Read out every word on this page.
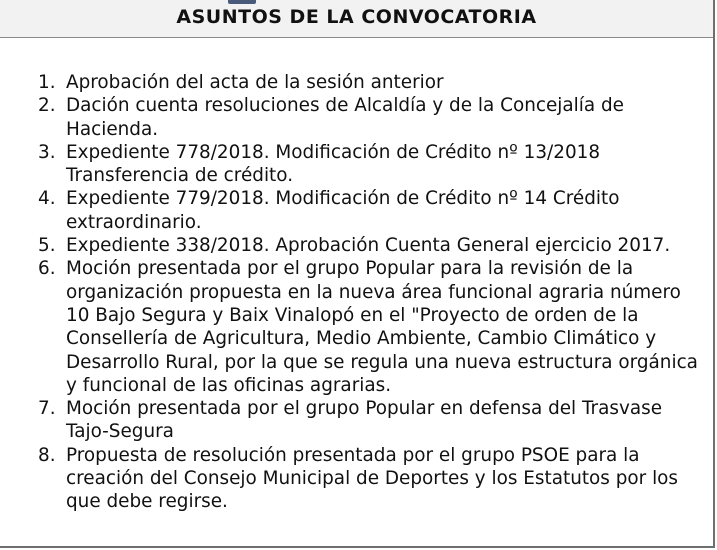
ASUNTOS DE LA CONVOCATORIA
1. Aprobación del acta de la sesión anterior
2. Dación cuenta resoluciones de Alcaldía y de la Concejalía de Hacienda.
3. Expediente 778/2018. Modificación de Crédito nº 13/2018 Transferencia de crédito.
4. Expediente 779/2018. Modificación de Crédito nº 14 Crédito extraordinario.
5. Expediente 338/2018. Aprobación Cuenta General ejercicio 2017.
6. Moción presentada por el grupo Popular para la revisión de la organización propuesta en la nueva área funcional agraria número 10 Bajo Segura y Baix Vinalopó en el "Proyecto de orden de la Consellería de Agricultura, Medio Ambiente, Cambio Climático y Desarrollo Rural, por la que se regula una nueva estructura orgánica y funcional de las oficinas agrarias.
7. Moción presentada por el grupo Popular en defensa del Trasvase Tajo-Segura
8. Propuesta de resolución presentada por el grupo PSOE para la creación del Consejo Municipal de Deportes y los Estatutos por los que debe regirse.
